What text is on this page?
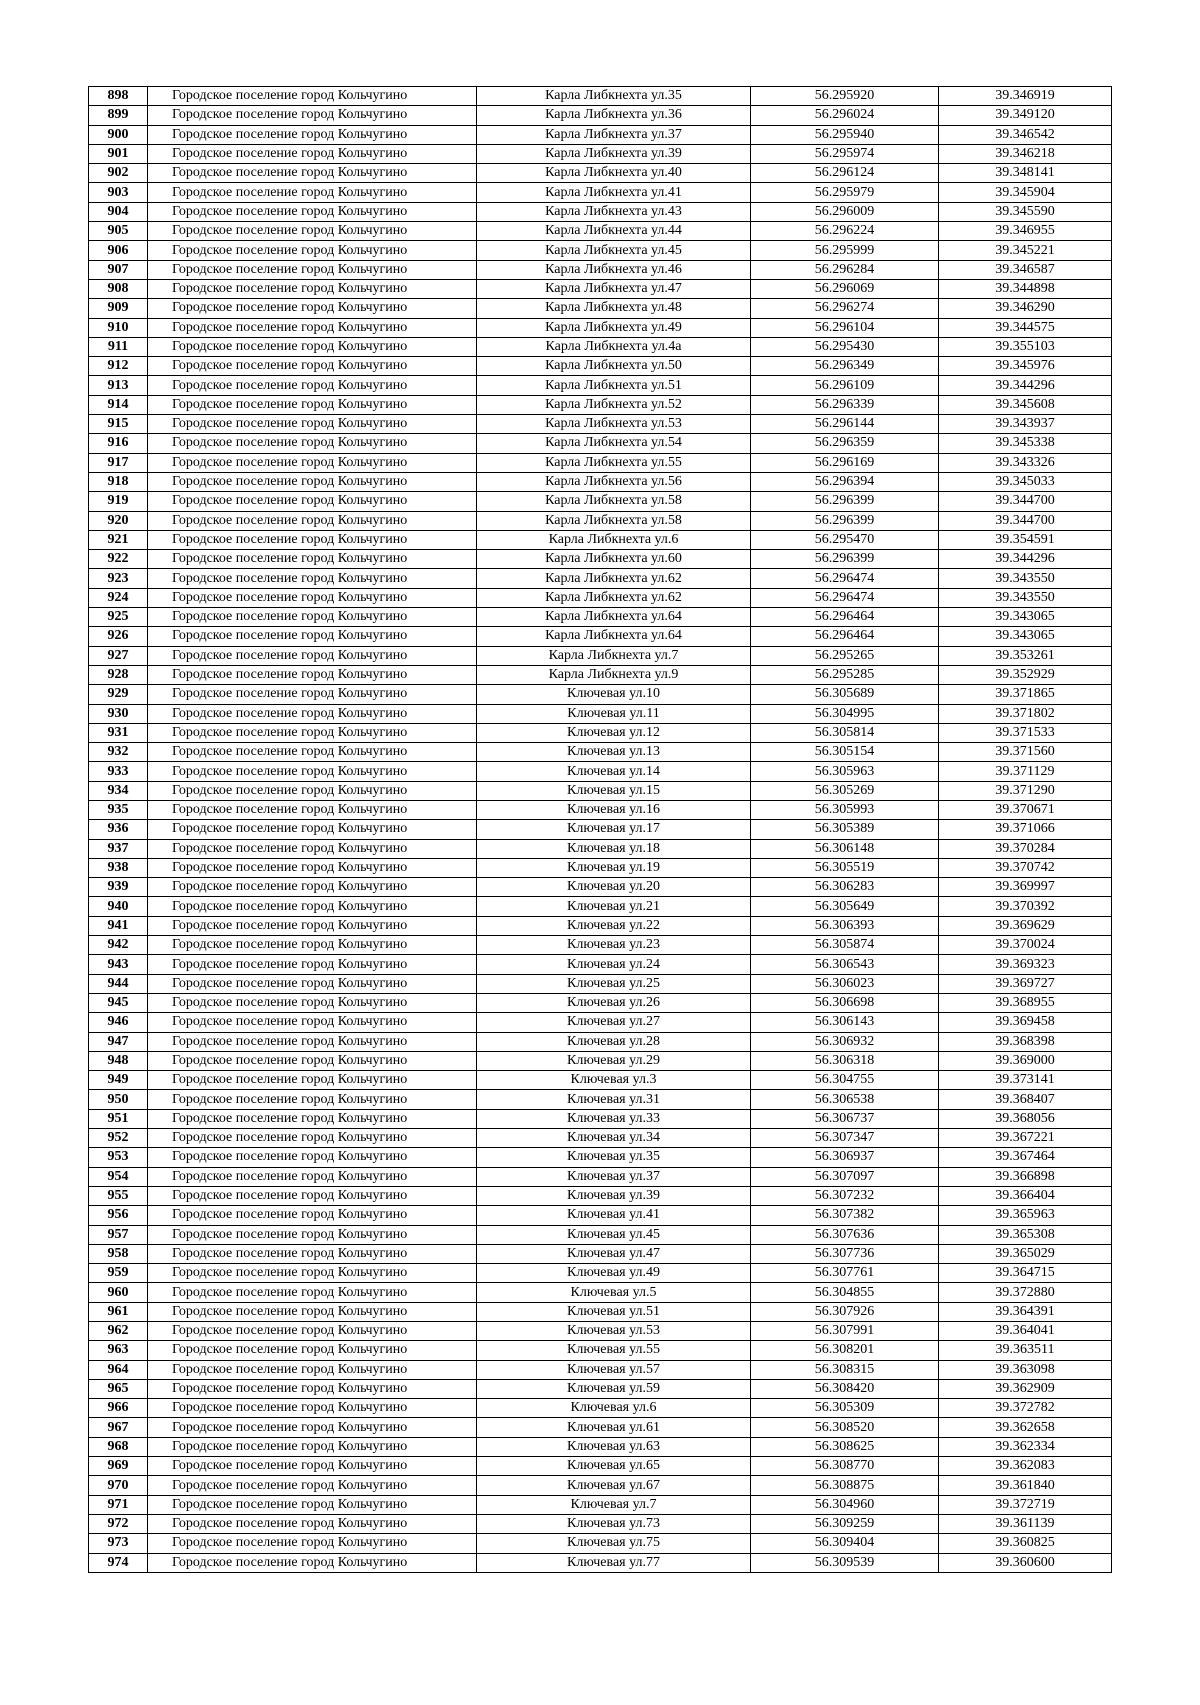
898	Городское поселение город Кольчугино	Карла Либкнехта ул.35	56.295920	39.346919
899	Городское поселение город Кольчугино	Карла Либкнехта ул.36	56.296024	39.349120
900	Городское поселение город Кольчугино	Карла Либкнехта ул.37	56.295940	39.346542
901	Городское поселение город Кольчугино	Карла Либкнехта ул.39	56.295974	39.346218
902	Городское поселение город Кольчугино	Карла Либкнехта ул.40	56.296124	39.348141
903	Городское поселение город Кольчугино	Карла Либкнехта ул.41	56.295979	39.345904
904	Городское поселение город Кольчугино	Карла Либкнехта ул.43	56.296009	39.345590
905	Городское поселение город Кольчугино	Карла Либкнехта ул.44	56.296224	39.346955
906	Городское поселение город Кольчугино	Карла Либкнехта ул.45	56.295999	39.345221
907	Городское поселение город Кольчугино	Карла Либкнехта ул.46	56.296284	39.346587
908	Городское поселение город Кольчугино	Карла Либкнехта ул.47	56.296069	39.344898
909	Городское поселение город Кольчугино	Карла Либкнехта ул.48	56.296274	39.346290
910	Городское поселение город Кольчугино	Карла Либкнехта ул.49	56.296104	39.344575
911	Городское поселение город Кольчугино	Карла Либкнехта ул.4а	56.295430	39.355103
912	Городское поселение город Кольчугино	Карла Либкнехта ул.50	56.296349	39.345976
913	Городское поселение город Кольчугино	Карла Либкнехта ул.51	56.296109	39.344296
914	Городское поселение город Кольчугино	Карла Либкнехта ул.52	56.296339	39.345608
915	Городское поселение город Кольчугино	Карла Либкнехта ул.53	56.296144	39.343937
916	Городское поселение город Кольчугино	Карла Либкнехта ул.54	56.296359	39.345338
917	Городское поселение город Кольчугино	Карла Либкнехта ул.55	56.296169	39.343326
918	Городское поселение город Кольчугино	Карла Либкнехта ул.56	56.296394	39.345033
919	Городское поселение город Кольчугино	Карла Либкнехта ул.58	56.296399	39.344700
920	Городское поселение город Кольчугино	Карла Либкнехта ул.58	56.296399	39.344700
921	Городское поселение город Кольчугино	Карла Либкнехта ул.6	56.295470	39.354591
922	Городское поселение город Кольчугино	Карла Либкнехта ул.60	56.296399	39.344296
923	Городское поселение город Кольчугино	Карла Либкнехта ул.62	56.296474	39.343550
924	Городское поселение город Кольчугино	Карла Либкнехта ул.62	56.296474	39.343550
925	Городское поселение город Кольчугино	Карла Либкнехта ул.64	56.296464	39.343065
926	Городское поселение город Кольчугино	Карла Либкнехта ул.64	56.296464	39.343065
927	Городское поселение город Кольчугино	Карла Либкнехта ул.7	56.295265	39.353261
928	Городское поселение город Кольчугино	Карла Либкнехта ул.9	56.295285	39.352929
929	Городское поселение город Кольчугино	Ключевая ул.10	56.305689	39.371865
930	Городское поселение город Кольчугино	Ключевая ул.11	56.304995	39.371802
931	Городское поселение город Кольчугино	Ключевая ул.12	56.305814	39.371533
932	Городское поселение город Кольчугино	Ключевая ул.13	56.305154	39.371560
933	Городское поселение город Кольчугино	Ключевая ул.14	56.305963	39.371129
934	Городское поселение город Кольчугино	Ключевая ул.15	56.305269	39.371290
935	Городское поселение город Кольчугино	Ключевая ул.16	56.305993	39.370671
936	Городское поселение город Кольчугино	Ключевая ул.17	56.305389	39.371066
937	Городское поселение город Кольчугино	Ключевая ул.18	56.306148	39.370284
938	Городское поселение город Кольчугино	Ключевая ул.19	56.305519	39.370742
939	Городское поселение город Кольчугино	Ключевая ул.20	56.306283	39.369997
940	Городское поселение город Кольчугино	Ключевая ул.21	56.305649	39.370392
941	Городское поселение город Кольчугино	Ключевая ул.22	56.306393	39.369629
942	Городское поселение город Кольчугино	Ключевая ул.23	56.305874	39.370024
943	Городское поселение город Кольчугино	Ключевая ул.24	56.306543	39.369323
944	Городское поселение город Кольчугино	Ключевая ул.25	56.306023	39.369727
945	Городское поселение город Кольчугино	Ключевая ул.26	56.306698	39.368955
946	Городское поселение город Кольчугино	Ключевая ул.27	56.306143	39.369458
947	Городское поселение город Кольчугино	Ключевая ул.28	56.306932	39.368398
948	Городское поселение город Кольчугино	Ключевая ул.29	56.306318	39.369000
949	Городское поселение город Кольчугино	Ключевая ул.3	56.304755	39.373141
950	Городское поселение город Кольчугино	Ключевая ул.31	56.306538	39.368407
951	Городское поселение город Кольчугино	Ключевая ул.33	56.306737	39.368056
952	Городское поселение город Кольчугино	Ключевая ул.34	56.307347	39.367221
953	Городское поселение город Кольчугино	Ключевая ул.35	56.306937	39.367464
954	Городское поселение город Кольчугино	Ключевая ул.37	56.307097	39.366898
955	Городское поселение город Кольчугино	Ключевая ул.39	56.307232	39.366404
956	Городское поселение город Кольчугино	Ключевая ул.41	56.307382	39.365963
957	Городское поселение город Кольчугино	Ключевая ул.45	56.307636	39.365308
958	Городское поселение город Кольчугино	Ключевая ул.47	56.307736	39.365029
959	Городское поселение город Кольчугино	Ключевая ул.49	56.307761	39.364715
960	Городское поселение город Кольчугино	Ключевая ул.5	56.304855	39.372880
961	Городское поселение город Кольчугино	Ключевая ул.51	56.307926	39.364391
962	Городское поселение город Кольчугино	Ключевая ул.53	56.307991	39.364041
963	Городское поселение город Кольчугино	Ключевая ул.55	56.308201	39.363511
964	Городское поселение город Кольчугино	Ключевая ул.57	56.308315	39.363098
965	Городское поселение город Кольчугино	Ключевая ул.59	56.308420	39.362909
966	Городское поселение город Кольчугино	Ключевая ул.6	56.305309	39.372782
967	Городское поселение город Кольчугино	Ключевая ул.61	56.308520	39.362658
968	Городское поселение город Кольчугино	Ключевая ул.63	56.308625	39.362334
969	Городское поселение город Кольчугино	Ключевая ул.65	56.308770	39.362083
970	Городское поселение город Кольчугино	Ключевая ул.67	56.308875	39.361840
971	Городское поселение город Кольчугино	Ключевая ул.7	56.304960	39.372719
972	Городское поселение город Кольчугино	Ключевая ул.73	56.309259	39.361139
973	Городское поселение город Кольчугино	Ключевая ул.75	56.309404	39.360825
974	Городское поселение город Кольчугино	Ключевая ул.77	56.309539	39.360600
